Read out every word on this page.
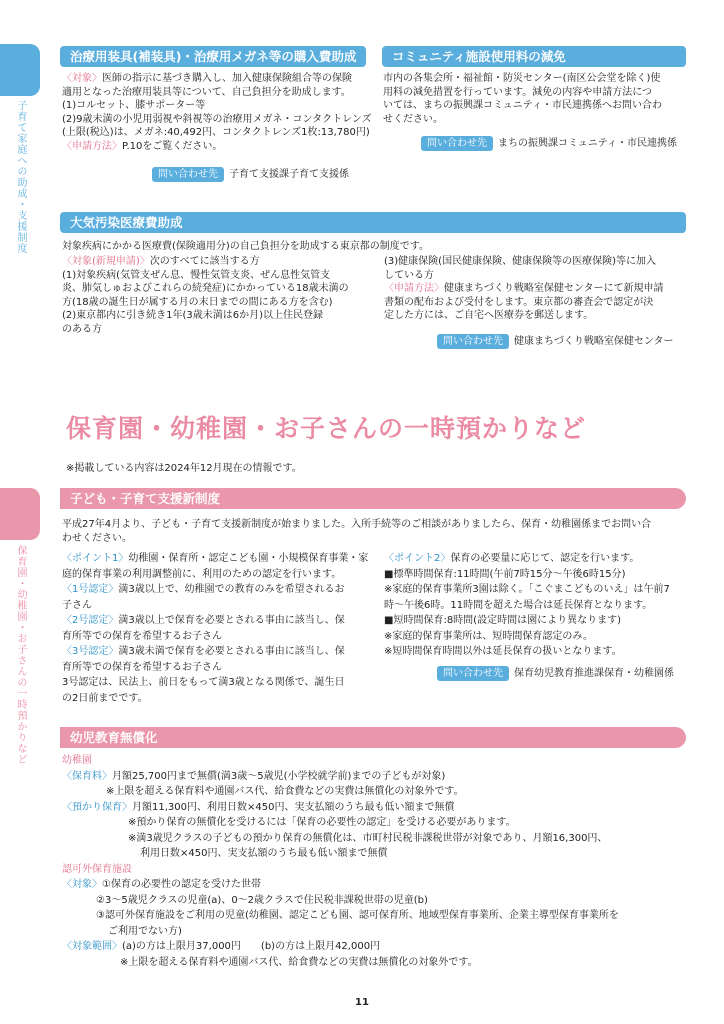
子育て家庭への助成・支援制度
保育園・幼稚園・お子さんの一時預かりなど
治療用装具(補装具)・治療用メガネ等の購入費助成

〈対象〉医師の指示に基づき購入し、加入健康保険組合等の保険

適用となった治療用装具等について、自己負担分を助成します。

(1)コルセット、膝サポーター等

(2)9歳未満の小児用弱視や斜視等の治療用メガネ・コンタクトレンズ

(上限(税込)は、メガネ:40,492円、コンタクトレンズ1枚:13,780円)

〈申請方法〉P.10をご覧ください。

問い合わせ先 子育て支援課子育て支援係
コミュニティ施設使用料の減免

市内の各集会所・福祉館・防災センター(南区公会堂を除く)使

用料の減免措置を行っています。減免の内容や申請方法につ

いては、まちの振興課コミュニティ・市民連携係へお問い合わ

せください。

問い合わせ先 まちの振興課コミュニティ・市民連携係
大気汚染医療費助成
対象疾病にかかる医療費(保険適用分)の自己負担分を助成する東京都の制度です。

〈対象(新規申請)〉次のすべてに該当する方

(1)対象疾病(気管支ぜん息、慢性気管支炎、ぜん息性気管支

炎、肺気しゅおよびこれらの続発症)にかかっている18歳未満の

方(18歳の誕生日が属する月の末日までの間にある方を含む)

(2)東京都内に引き続き1年(3歳未満は6か月)以上住民登録

のある方

(3)健康保険(国民健康保険、健康保険等の医療保険)等に加入

している方

〈申請方法〉健康まちづくり戦略室保健センターにて新規申請

書類の配布および受付をします。東京都の審査会で認定が決

定した方には、ご自宅へ医療券を郵送します。

問い合わせ先 健康まちづくり戦略室保健センター
保育園・幼稚園・お子さんの一時預かりなど
※掲載している内容は2024年12月現在の情報です。
子ども・子育て支援新制度

平成27年4月より、子ども・子育て支援新制度が始まりました。入所手続等のご相談がありましたら、保育・幼稚園係までお問い合

わせください。

〈ポイント1〉幼稚園・保育所・認定こども園・小規模保育事業・家

庭的保育事業の利用調整前に、利用のための認定を行います。

〈1号認定〉満3歳以上で、幼稚園での教育のみを希望されるお

子さん

〈2号認定〉満3歳以上で保育を必要とされる事由に該当し、保

育所等での保育を希望するお子さん

〈3号認定〉満3歳未満で保育を必要とされる事由に該当し、保

育所等での保育を希望するお子さん

3号認定は、民法上、前日をもって満3歳となる関係で、誕生日

の2日前までです。

〈ポイント2〉保育の必要量に応じて、認定を行います。

■標準時間保育:11時間(午前7時15分～午後6時15分)

※家庭的保育事業所3園は除く。「こぐまこどものいえ」は午前7

時～午後6時。11時間を超えた場合は延長保育となります。

■短時間保育:8時間(設定時間は園により異なります)

※家庭的保育事業所は、短時間保育認定のみ。

※短時間保育時間以外は延長保育の扱いとなります。

問い合わせ先 保育幼児教育推進課保育・幼稚園係
幼児教育無償化

幼稚園

〈保育料〉月額25,700円まで無償(満3歳～5歳児(小学校就学前)までの子どもが対象)

※上限を超える保育料や通園バス代、給食費などの実費は無償化の対象外です。

〈預かり保育〉月額11,300円、利用日数×450円、実支払額のうち最も低い額まで無償

※預かり保育の無償化を受けるには「保育の必要性の認定」を受ける必要があります。

※満3歳児クラスの子どもの預かり保育の無償化は、市町村民税非課税世帯が対象であり、月額16,300円、

利用日数×450円、実支払額のうち最も低い額まで無償

認可外保育施設

〈対象〉①保育の必要性の認定を受けた世帯

②3～5歳児クラスの児童(a)、0～2歳クラスで住民税非課税世帯の児童(b)

③認可外保育施設をご利用の児童(幼稚園、認定こども園、認可保育所、地域型保育事業所、企業主導型保育事業所を

ご利用でない方)

〈対象範囲〉(a)の方は上限月37,000円　　(b)の方は上限月42,000円

※上限を超える保育料や通園バス代、給食費などの実費は無償化の対象外です。

11
